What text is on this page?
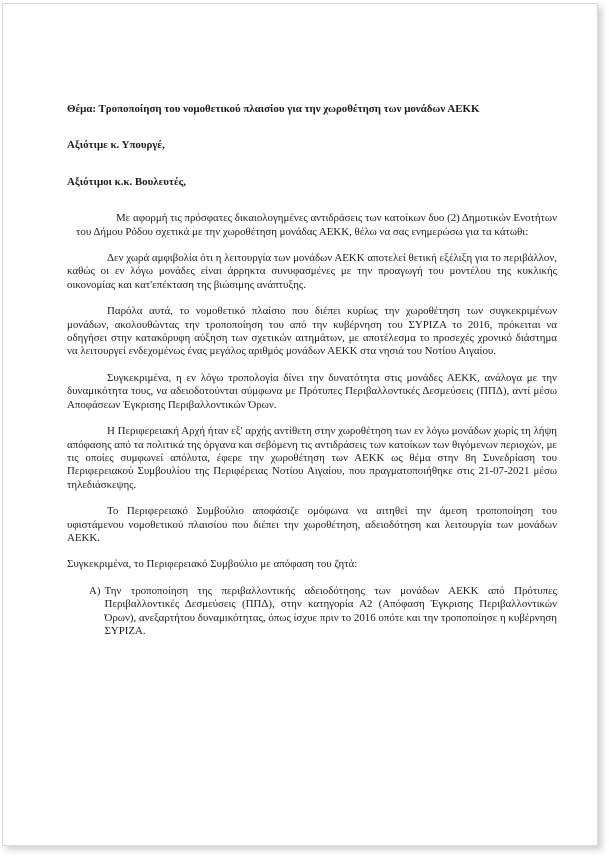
Θέμα: Τροποποίηση του νομοθετικού πλαισίου για την χωροθέτηση των μονάδων ΑΕΚΚ
Αξιότιμε κ. Υπουργέ,
Αξιότιμοι κ.κ. Βουλευτές,

Με αφορμή τις πρόσφατες δικαιολογημένες αντιδράσεις των κατοίκων δυο (2) Δημοτικών Ενοτήτων του Δήμου Ρόδου σχετικά με την χωροθέτηση μονάδας ΑΕΚΚ, θέλω να σας ενημερώσω για τα κάτωθι:

Δεν χωρά αμφιβολία ότι η λειτουργία των μονάδων ΑΕΚΚ αποτελεί θετική εξέλιξη για το περιβάλλον, καθώς οι εν λόγω μονάδες είναι άρρηκτα συνυφασμένες με την προαγωγή του μοντέλου της κυκλικής οικονομίας και κατ'επέκταση της βιώσιμης ανάπτυξης.

Παρόλα αυτά, το νομοθετικό πλαίσιο που διέπει κυρίως την χωροθέτηση των συγκεκριμένων μονάδων, ακολουθώντας την τροποποίηση του από την κυβέρνηση του ΣΥΡΙΖΑ το 2016, πρόκειται να οδηγήσει στην κατακόρυφη αύξηση των σχετικών αιτημάτων, με αποτέλεσμα το προσεχές χρονικό διάστημα να λειτουργεί ενδεχομένως ένας μεγάλος αριθμός μονάδων ΑΕΚΚ στα νησιά του Νοτίου Αιγαίου.

Συγκεκριμένα, η εν λόγω τροπολογία δίνει την δυνατότητα στις μονάδες ΑΕΚΚ, ανάλογα με την δυναμικότητα τους, να αδειοδοτούνται σύμφωνα με Πρότυπες Περιβαλλοντικές Δεσμεύσεις (ΠΠΔ), αντί μέσω Αποφάσεων Έγκρισης Περιβαλλοντικών Όρων.

Η Περιφερειακή Αρχή ήταν εξ' αρχής αντίθετη στην χωροθέτηση των εν λόγω μονάδων χωρίς τη λήψη απόφασης από τα πολιτικά της όργανα και σεβόμενη τις αντιδράσεις των κατοίκων των θιγόμενων περιοχών, με τις οποίες συμφωνεί απόλυτα, έφερε την χωροθέτηση των ΑΕΚΚ ως θέμα στην 8η Συνεδρίαση του Περιφερειακού Συμβουλίου της Περιφέρειας Νοτίου Αιγαίου, που πραγματοποιήθηκε στις 21-07-2021 μέσω τηλεδιάσκεψης.

Το Περιφερειακό Συμβούλιο αποφάσιζε ομόφωνα να αιτηθεί την άμεση τροποποίηση του υφιστάμενου νομοθετικού πλαισίου που διέπει την χωροθέτηση, αδειοδότηση και λειτουργία των μονάδων ΑΕΚΚ.

Συγκεκριμένα, το Περιφερειακό Συμβούλιο με απόφαση του ζητά:

A) Την τροποποίηση της περιβαλλοντικής αδειοδότησης των μονάδων ΑΕΚΚ από Πρότυπες Περιβαλλοντικές Δεσμεύσεις (ΠΠΔ), στην κατηγορία Α2 (Απόφαση Έγκρισης Περιβαλλοντικών Όρων), ανεξαρτήτου δυναμικότητας, όπως ίσχυε πριν το 2016 οπότε και την τροποποίησε η κυβέρνηση ΣΥΡΙΖΑ.
